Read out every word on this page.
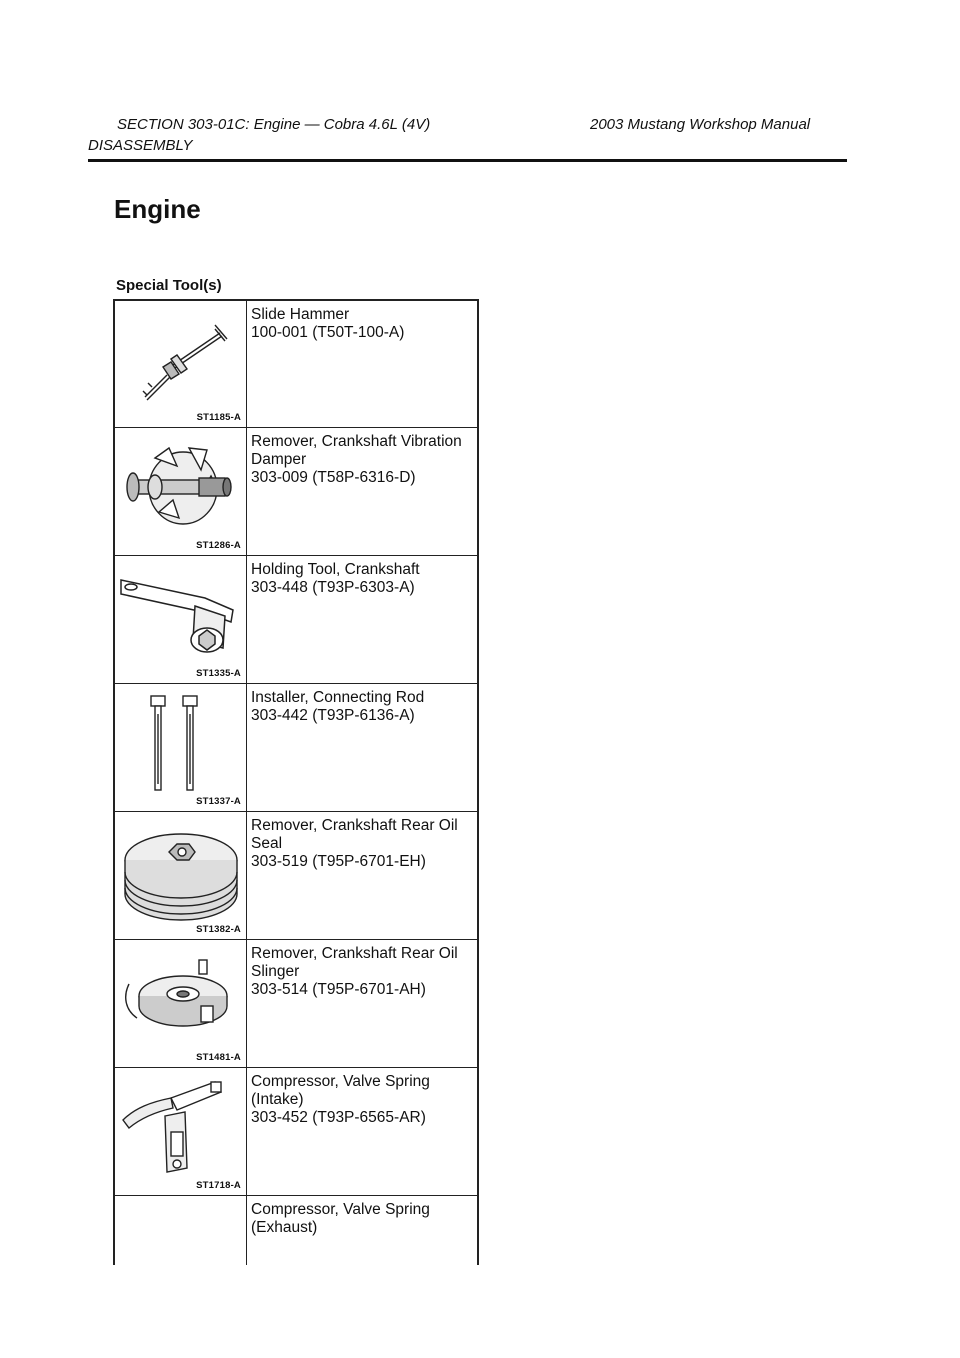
SECTION 303-01C: Engine — Cobra 4.6L (4V)	2003 Mustang Workshop Manual
DISASSEMBLY
Engine
Special Tool(s)
ST1185-A
Slide Hammer
100-001 (T50T-100-A)
ST1286-A
Remover, Crankshaft Vibration
Damper
303-009 (T58P-6316-D)
ST1335-A
Holding Tool, Crankshaft
303-448 (T93P-6303-A)
ST1337-A
Installer, Connecting Rod
303-442 (T93P-6136-A)
ST1382-A
Remover, Crankshaft Rear Oil
Seal
303-519 (T95P-6701-EH)
ST1481-A
Remover, Crankshaft Rear Oil
Slinger
303-514 (T95P-6701-AH)
ST1718-A
Compressor, Valve Spring
(Intake)
303-452 (T93P-6565-AR)
Compressor, Valve Spring
(Exhaust)
